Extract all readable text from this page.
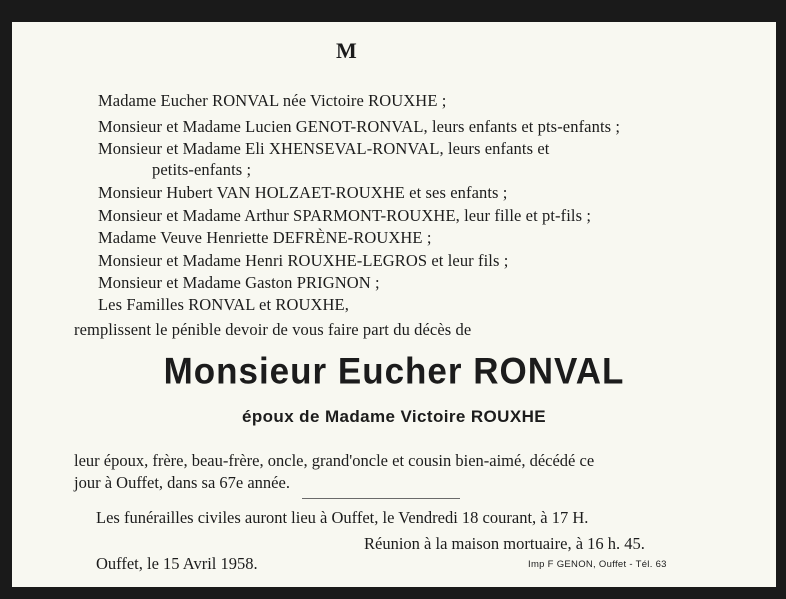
M
Madame Eucher RONVAL née Victoire ROUXHE ;
Monsieur et Madame Lucien GENOT-RONVAL, leurs enfants et pts-enfants ;
Monsieur et Madame Eli XHENSEVAL-RONVAL, leurs enfants et
petits-enfants ;
Monsieur Hubert VAN HOLZAET-ROUXHE et ses enfants ;
Monsieur et Madame Arthur SPARMONT-ROUXHE, leur fille et pt-fils ;
Madame Veuve Henriette DEFRÈNE-ROUXHE ;
Monsieur et Madame Henri ROUXHE-LEGROS et leur fils ;
Monsieur et Madame Gaston PRIGNON ;
Les Familles RONVAL et ROUXHE,
remplissent le pénible devoir de vous faire part du décès de
Monsieur Eucher RONVAL
époux de Madame Victoire ROUXHE
leur époux, frère, beau-frère, oncle, grand'oncle et cousin bien-aimé, décédé ce
jour à Ouffet, dans sa 67e année.
Les funérailles civiles auront lieu à Ouffet, le Vendredi 18 courant, à 17 H.
Réunion à la maison mortuaire, à 16 h. 45.
Ouffet, le 15 Avril 1958.	Imp F GENON, Ouffet - Tél. 63
